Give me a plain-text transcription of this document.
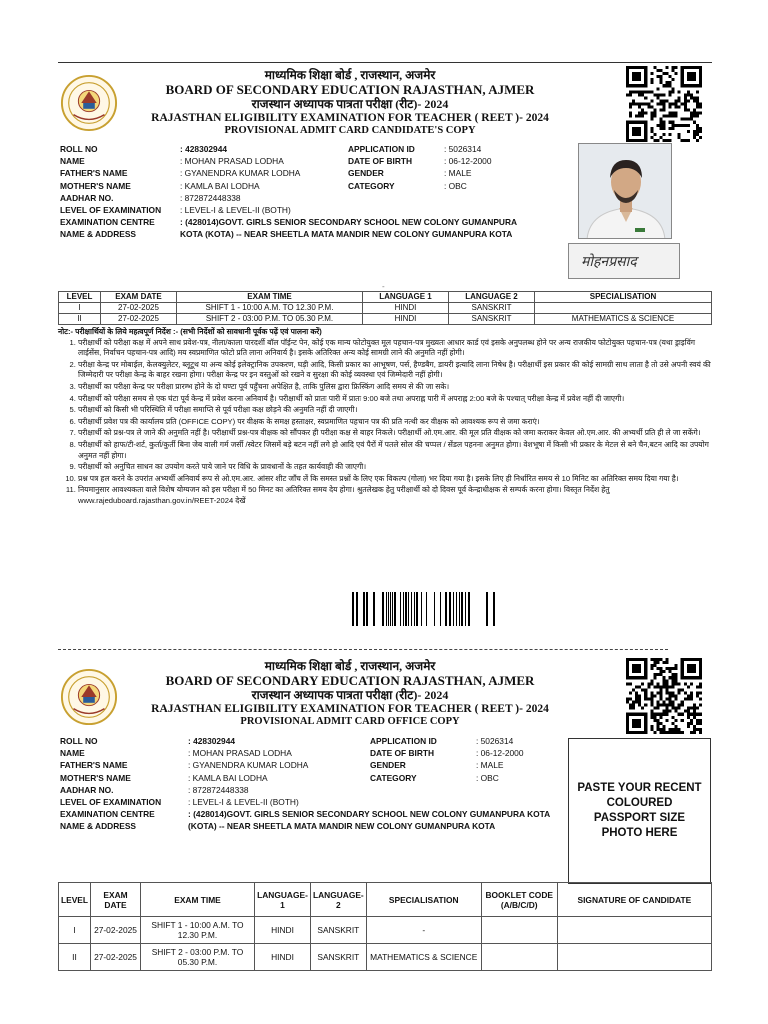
माध्यमिक शिक्षा बोर्ड , राजस्थान, अजमेर
BOARD OF SECONDARY EDUCATION RAJASTHAN, AJMER
राजस्थान अध्यापक पात्रता परीक्षा (रीट)- 2024
RAJASTHAN ELIGIBILITY EXAMINATION FOR TEACHER ( REET )- 2024
PROVISIONAL ADMIT CARD CANDIDATE'S COPY
ROLL NO	: 428302944
NAME	: MOHAN PRASAD LODHA
FATHER'S NAME	: GYANENDRA KUMAR LODHA
MOTHER'S NAME	: KAMLA BAI LODHA
AADHAR NO.	: 872872448338
LEVEL OF EXAMINATION	: LEVEL-I & LEVEL-II (BOTH)
EXAMINATION CENTRE	: (428014)GOVT. GIRLS SENIOR SECONDARY SCHOOL NEW COLONY GUMANPURA
NAME & ADDRESS	KOTA (KOTA) -- NEAR SHEETLA MATA MANDIR NEW COLONY GUMANPURA KOTA
APPLICATION ID	: 5026314
DATE OF BIRTH	: 06-12-2000
GENDER	: MALE
CATEGORY	: OBC
मोहनप्रसाद
-
LEVEL	EXAM DATE	EXAM TIME	LANGUAGE 1	LANGUAGE 2	SPECIALISATION
I	27-02-2025	SHIFT 1 - 10:00 A.M. TO 12.30 P.M.	HINDI	SANSKRIT	
II	27-02-2025	SHIFT 2 - 03:00 P.M. TO 05.30 P.M.	HINDI	SANSKRIT	MATHEMATICS & SCIENCE
नोट:- परीक्षार्थियों के लिये महत्वपूर्ण निर्देश :- (सभी निर्देशों को सावधानी पूर्वक पढ़ें एवं पालना करें)
1. परीक्षार्थी को परीक्षा कक्ष में अपने साथ प्रवेश-पत्र, नीला/काला पारदर्शी बॉल पॉईन्ट पेन, कोई एक मान्य फोटोयुक्त मूल पहचान-पत्र मुख्यतः आधार कार्ड एवं इसके अनुपलब्ध होने पर अन्य राजकीय फोटोयुक्त पहचान-पत्र (यथा ड्राइविंग लाईसेंस, निर्वाचन पहचान-पत्र आदि) मय स्वप्रमाणित फोटो प्रति लाना अनिवार्य है। इसके अतिरिक्त अन्य कोई सामग्री लाने की अनुमति नहीं होगी।
2. परीक्षा केन्द्र पर मोबाईल, केलक्युलेटर, ब्लूटूथ या अन्य कोई इलेक्ट्रानिक उपकरण, घड़ी आदि, किसी प्रकार का आभूषण, पर्स, हैण्डबैग, डायरी इत्यादि लाना निषेध है। परीक्षार्थी इस प्रकार की कोई सामग्री साथ लाता है तो उसे अपनी स्वयं की जिम्मेदारी पर परीक्षा केन्द्र के बाहर रखना होगा। परीक्षा केन्द्र पर इन वस्तुओं को रखने व सुरक्षा की कोई व्यवस्था एवं जिम्मेदारी नहीं होगी।
3. परीक्षार्थी का परीक्षा केन्द्र पर परीक्षा प्रारम्भ होने के दो घण्टा पूर्व पहुँचना अपेक्षित है, ताकि पुलिस द्वारा फ्रिस्किंग आदि समय से की जा सके।
4. परीक्षार्थी को परीक्षा समय से एक घंटा पूर्व केन्द्र में प्रवेश करना अनिवार्य है। परीक्षार्थी को प्रातः पारी में प्रातः 9:00 बजे तथा अपराह्न पारी में अपराह्न 2:00 बजे के पश्चात् परीक्षा केन्द्र में प्रवेश नहीं दी जाएगी।
5. परीक्षार्थी को किसी भी परिस्थिति में परीक्षा समाप्ति से पूर्व परीक्षा कक्ष छोड़ने की अनुमति नहीं दी जाएगी।
6. परीक्षार्थी प्रवेश पत्र की कार्यालय प्रति (OFFICE COPY) पर वीक्षक के समक्ष हस्ताक्षर, स्वप्रमाणित पहचान पत्र की प्रति नत्थी कर वीक्षक को आवश्यक रूप से जमा कराएं।
7. परीक्षार्थी को प्रश्न-पत्र ले जाने की अनुमति नहीं है। परीक्षार्थी प्रश्न-पत्र वीक्षक को सौंपकर ही परीक्षा कक्ष से बाहर निकले। परीक्षार्थी ओ.एम.आर. की मूल प्रति वीक्षक को जमा कराकर केवल ओ.एम.आर. की अभ्यर्थी प्रति ही ले जा सकेंगे।
8. परीक्षार्थी को हाफ/टी-शर्ट, कुर्ता/कुर्ती बिना जेब वाली गर्म जर्सी /स्वेटर जिसमें बड़े बटन नहीं लगे हो आदि एवं पैरों में पतले सोल की चप्पल / सेंडल पहनना अनुमत होगा। वेशभूषा में किसी भी प्रकार के मेटल से बने चैन,बटन आदि का उपयोग अनुमत नहीं होगा।
9. परीक्षार्थी को अनुचित साधन का उपयोग करते पाये जाने पर विधि के प्रावधानों के तहत कार्यवाही की जाएगी।
10. प्रश्न पत्र हल करने के उपरांत अभ्यर्थी अनिवार्य रूप से ओ.एम.आर. आंसर शीट जाँच लें कि समस्त प्रश्नों के लिए एक विकल्प (गोला) भर दिया गया है। इसके लिए ही निर्धारित समय से 10 मिनिट का अतिरिक्त समय दिया गया है।
11. नियमानुसार आवश्यकता वाले विशेष योग्यजन को इस परीक्षा में 50 मिनट का अतिरिक्त समय देय होगा। श्रुतलेखक हेतु परीक्षार्थी को दो दिवस पूर्व केन्द्राधीक्षक से सम्पर्क करना होगा। विस्तृत निर्देश हेतु www.rajeduboard.rajasthan.gov.in/REET-2024 देखें
माध्यमिक शिक्षा बोर्ड , राजस्थान, अजमेर
BOARD OF SECONDARY EDUCATION RAJASTHAN, AJMER
राजस्थान अध्यापक पात्रता परीक्षा (रीट)- 2024
RAJASTHAN ELIGIBILITY EXAMINATION FOR TEACHER ( REET )- 2024
PROVISIONAL ADMIT CARD OFFICE COPY
ROLL NO	: 428302944
NAME	: MOHAN PRASAD LODHA
FATHER'S NAME	: GYANENDRA KUMAR LODHA
MOTHER'S NAME	: KAMLA BAI LODHA
AADHAR NO.	: 872872448338
LEVEL OF EXAMINATION	: LEVEL-I & LEVEL-II (BOTH)
EXAMINATION CENTRE	: (428014)GOVT. GIRLS SENIOR SECONDARY SCHOOL NEW COLONY GUMANPURA KOTA
NAME & ADDRESS	(KOTA) -- NEAR SHEETLA MATA MANDIR NEW COLONY GUMANPURA KOTA
APPLICATION ID	: 5026314
DATE OF BIRTH	: 06-12-2000
GENDER	: MALE
CATEGORY	: OBC
PASTE YOUR RECENT COLOURED PASSPORT SIZE PHOTO HERE
LEVEL	EXAM DATE	EXAM TIME	LANGUAGE-1	LANGUAGE-2	SPECIALISATION	BOOKLET CODE (A/B/C/D)	SIGNATURE OF CANDIDATE
I	27-02-2025	SHIFT 1 - 10:00 A.M. TO 12.30 P.M.	HINDI	SANSKRIT	-		
II	27-02-2025	SHIFT 2 - 03:00 P.M. TO 05.30 P.M.	HINDI	SANSKRIT	MATHEMATICS & SCIENCE		
